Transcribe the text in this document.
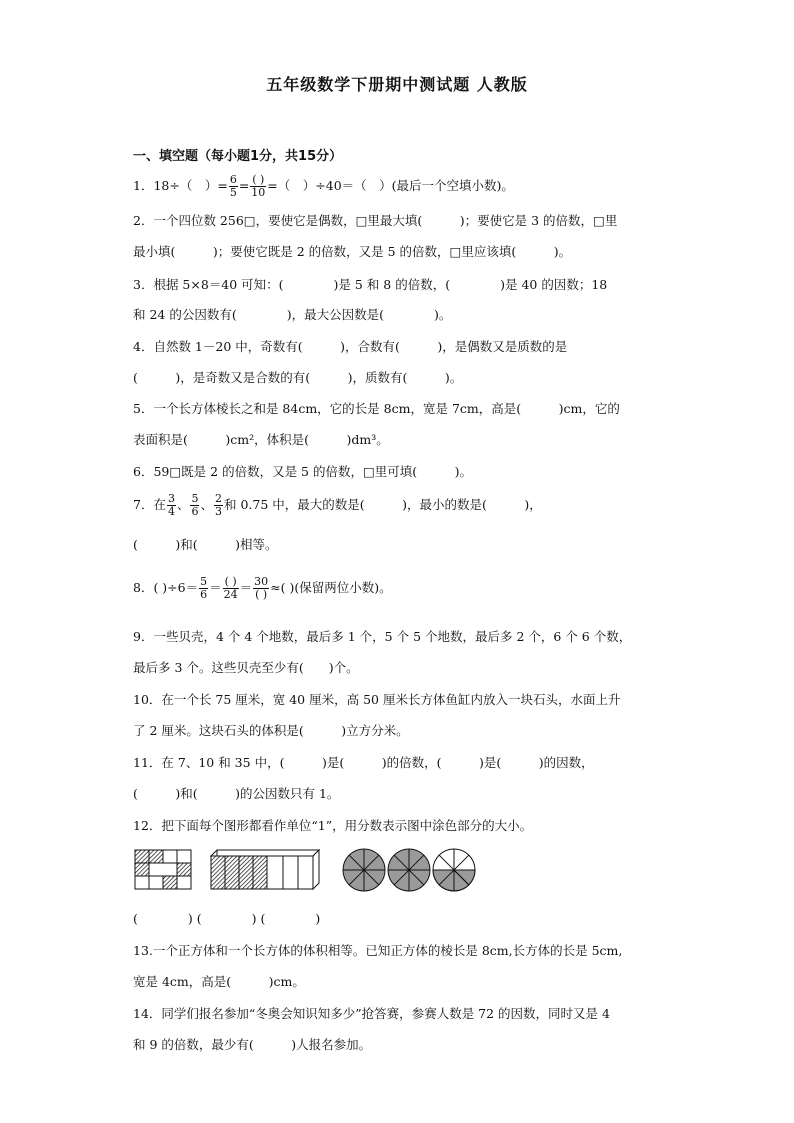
五年级数学下册期中测试题 人教版
一、填空题（每小题1分，共15分）
1．18÷（　）= $\frac{6}{5} = \frac{( )}{10}$ =（　）÷40＝（　）(最后一个空填小数)。
2．一个四位数 256□，要使它是偶数，□里最大填(　　　)；要使它是 3 的倍数，□里
最小填(　　　)；要使它既是 2 的倍数，又是 5 的倍数，□里应该填(　　　)。
3．根据 5×8＝40 可知：(　　　　)是 5 和 8 的倍数，(　　　　)是 40 的因数；18
和 24 的公因数有(　　　　)，最大公因数是(　　　　)。
4．自然数 1－20 中，奇数有(　　　)，合数有(　　　)，是偶数又是质数的是
(　　　)，是奇数又是合数的有(　　　)，质数有(　　　)。
5．一个长方体棱长之和是 84cm，它的长是 8cm，宽是 7cm，高是(　　　)cm，它的
表面积是(　　　)cm²，体积是(　　　)dm³。
6．59□既是 2 的倍数，又是 5 的倍数，□里可填(　　　)。
7．在 $\frac{3}{4}$ 、 $\frac{5}{6}$ 、 $\frac{2}{3}$ 和 0.75 中，最大的数是(　　　)，最小的数是(　　　)，
(　　　)和(　　　)相等。
8．( )$\div 6= \frac{5}{6} = \frac{( )}{24} = \frac{30}{( )}$ ≈( )(保留两位小数)。
9．一些贝壳，4 个 4 个地数，最后多 1 个，5 个 5 个地数，最后多 2 个，6 个 6 个数，
最后多 3 个。这些贝壳至少有(　　)个。
10．在一个长 75 厘米，宽 40 厘米，高 50 厘米长方体鱼缸内放入一块石头，水面上升
了 2 厘米。这块石头的体积是(　　　)立方分米。
11．在 7、10 和 35 中，(　　　)是(　　　)的倍数，(　　　)是(　　　)的因数，
(　　　)和(　　　)的公因数只有 1。
12．把下面每个图形都看作单位“1”，用分数表示图中涂色部分的大小。
(　　　　) (　　　　) (　　　　)
13.一个正方体和一个长方体的体积相等。已知正方体的棱长是 8cm,长方体的长是 5cm,
宽是 4cm，高是(　　　)cm。
14．同学们报名参加“冬奥会知识知多少”抢答赛，参赛人数是 72 的因数，同时又是 4
和 9 的倍数，最少有(　　　)人报名参加。
